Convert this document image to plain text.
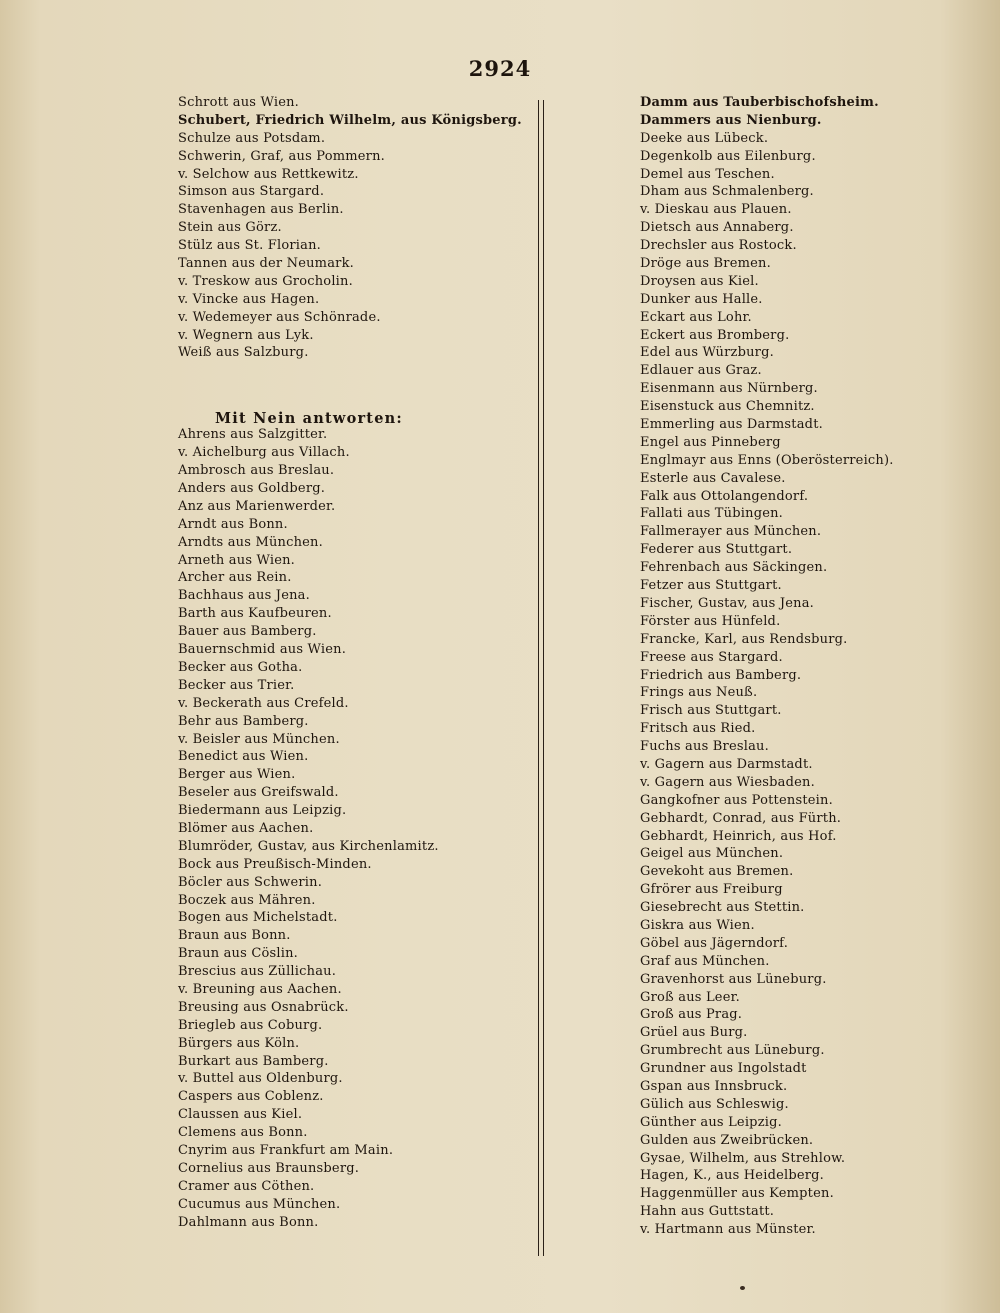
2924
Schrott aus Wien.
Schubert, Friedrich Wilhelm, aus Königsberg.
Schulze aus Potsdam.
Schwerin, Graf, aus Pommern.
v. Selchow aus Rettkewitz.
Simson aus Stargard.
Stavenhagen aus Berlin.
Stein aus Görz.
Stülz aus St. Florian.
Tannen aus der Neumark.
v. Treskow aus Grocholin.
v. Vincke aus Hagen.
v. Wedemeyer aus Schönrade.
v. Wegnern aus Lyk.
Weiß aus Salzburg.
Ahrens aus Salzgitter.
v. Aichelburg aus Villach.
Ambrosch aus Breslau.
Anders aus Goldberg.
Anz aus Marienwerder.
Arndt aus Bonn.
Arndts aus München.
Arneth aus Wien.
Archer aus Rein.
Bachhaus aus Jena.
Barth aus Kaufbeuren.
Bauer aus Bamberg.
Bauernschmid aus Wien.
Becker aus Gotha.
Becker aus Trier.
v. Beckerath aus Crefeld.
Behr aus Bamberg.
v. Beisler aus München.
Benedict aus Wien.
Berger aus Wien.
Beseler aus Greifswald.
Biedermann aus Leipzig.
Blömer aus Aachen.
Blumröder, Gustav, aus Kirchenlamitz.
Bock aus Preußisch-Minden.
Böcler aus Schwerin.
Boczek aus Mähren.
Bogen aus Michelstadt.
Braun aus Bonn.
Braun aus Cöslin.
Brescius aus Züllichau.
v. Breuning aus Aachen.
Breusing aus Osnabrück.
Briegleb aus Coburg.
Bürgers aus Köln.
Burkart aus Bamberg.
v. Buttel aus Oldenburg.
Caspers aus Coblenz.
Claussen aus Kiel.
Clemens aus Bonn.
Cnyrim aus Frankfurt am Main.
Cornelius aus Braunsberg.
Cramer aus Cöthen.
Cucumus aus München.
Dahlmann aus Bonn.
Mit Nein antworten:
Damm aus Tauberbischofsheim.
Dammers aus Nienburg.
Deeke aus Lübeck.
Degenkolb aus Eilenburg.
Demel aus Teschen.
Dham aus Schmalenberg.
v. Dieskau aus Plauen.
Dietsch aus Annaberg.
Drechsler aus Rostock.
Dröge aus Bremen.
Droysen aus Kiel.
Dunker aus Halle.
Eckart aus Lohr.
Eckert aus Bromberg.
Edel aus Würzburg.
Edlauer aus Graz.
Eisenmann aus Nürnberg.
Eisenstuck aus Chemnitz.
Emmerling aus Darmstadt.
Engel aus Pinneberg
Englmayr aus Enns (Oberösterreich).
Esterle aus Cavalese.
Falk aus Ottolangendorf.
Fallati aus Tübingen.
Fallmerayer aus München.
Federer aus Stuttgart.
Fehrenbach aus Säckingen.
Fetzer aus Stuttgart.
Fischer, Gustav, aus Jena.
Förster aus Hünfeld.
Francke, Karl, aus Rendsburg.
Freese aus Stargard.
Friedrich aus Bamberg.
Frings aus Neuß.
Frisch aus Stuttgart.
Fritsch aus Ried.
Fuchs aus Breslau.
v. Gagern aus Darmstadt.
v. Gagern aus Wiesbaden.
Gangkofner aus Pottenstein.
Gebhardt, Conrad, aus Fürth.
Gebhardt, Heinrich, aus Hof.
Geigel aus München.
Gevekoht aus Bremen.
Gfrörer aus Freiburg
Giesebrecht aus Stettin.
Giskra aus Wien.
Göbel aus Jägerndorf.
Graf aus München.
Gravenhorst aus Lüneburg.
Groß aus Leer.
Groß aus Prag.
Grüel aus Burg.
Grumbrecht aus Lüneburg.
Grundner aus Ingolstadt
Gspan aus Innsbruck.
Gülich aus Schleswig.
Günther aus Leipzig.
Gulden aus Zweibrücken.
Gysae, Wilhelm, aus Strehlow.
Hagen, K., aus Heidelberg.
Haggenmüller aus Kempten.
Hahn aus Guttstatt.
v. Hartmann aus Münster.
